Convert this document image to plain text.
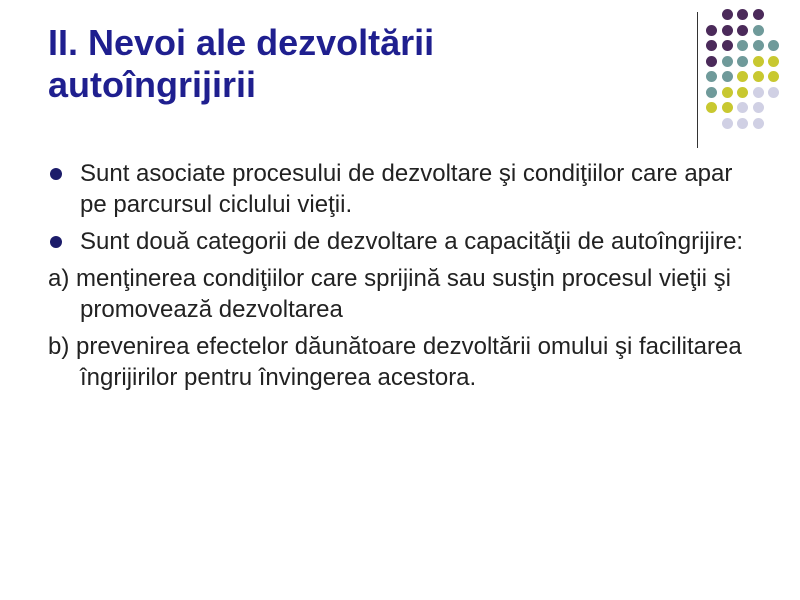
II. Nevoi ale dezvoltării
autoîngrijirii
Sunt asociate procesului de dezvoltare şi condiţiilor care apar pe parcursul ciclului vieţii.
Sunt două categorii de dezvoltare a capacităţii de autoîngrijire:
a) menţinerea condiţiilor care sprijină sau susţin procesul vieţii şi promovează dezvoltarea
b) prevenirea efectelor dăunătoare dezvoltării omului şi facilitarea îngrijirilor pentru învingerea acestora.
